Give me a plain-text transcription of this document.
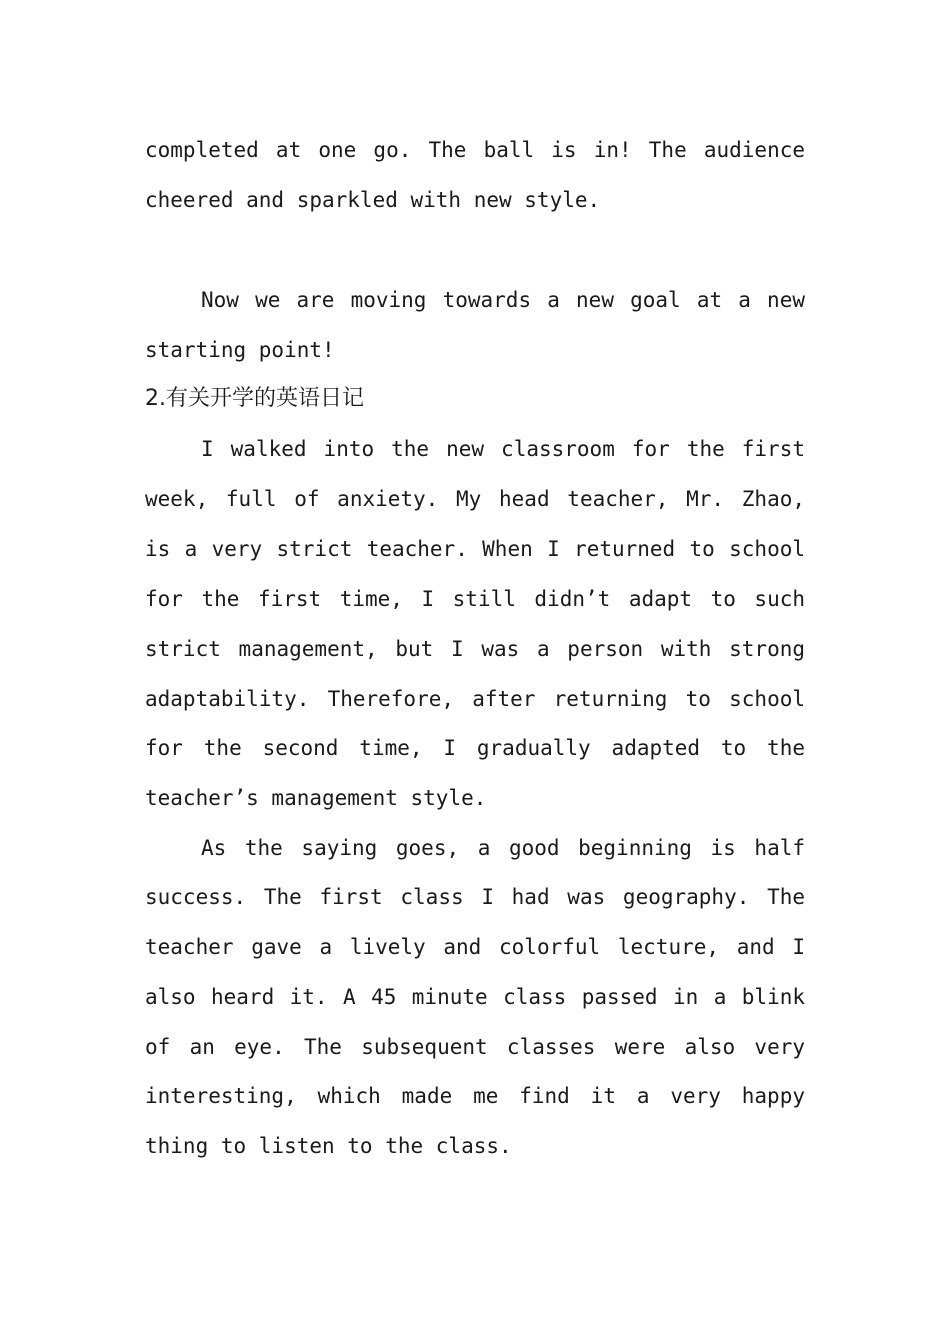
completed at one go. The ball is in! The audience
cheered and sparkled with new style.
Now we are moving towards a new goal at a new
starting point!
2.有关开学的英语日记
I walked into the new classroom for the first
week, full of anxiety. My head teacher, Mr. Zhao,
is a very strict teacher. When I returned to school
for the first time, I still didn’t adapt to such
strict management, but I was a person with strong
adaptability. Therefore, after returning to school
for the second time, I gradually adapted to the
teacher’s management style.
As the saying goes, a good beginning is half
success. The first class I had was geography. The
teacher gave a lively and colorful lecture, and I
also heard it. A 45 minute class passed in a blink
of an eye. The subsequent classes were also very
interesting, which made me find it a very happy
thing to listen to the class.
